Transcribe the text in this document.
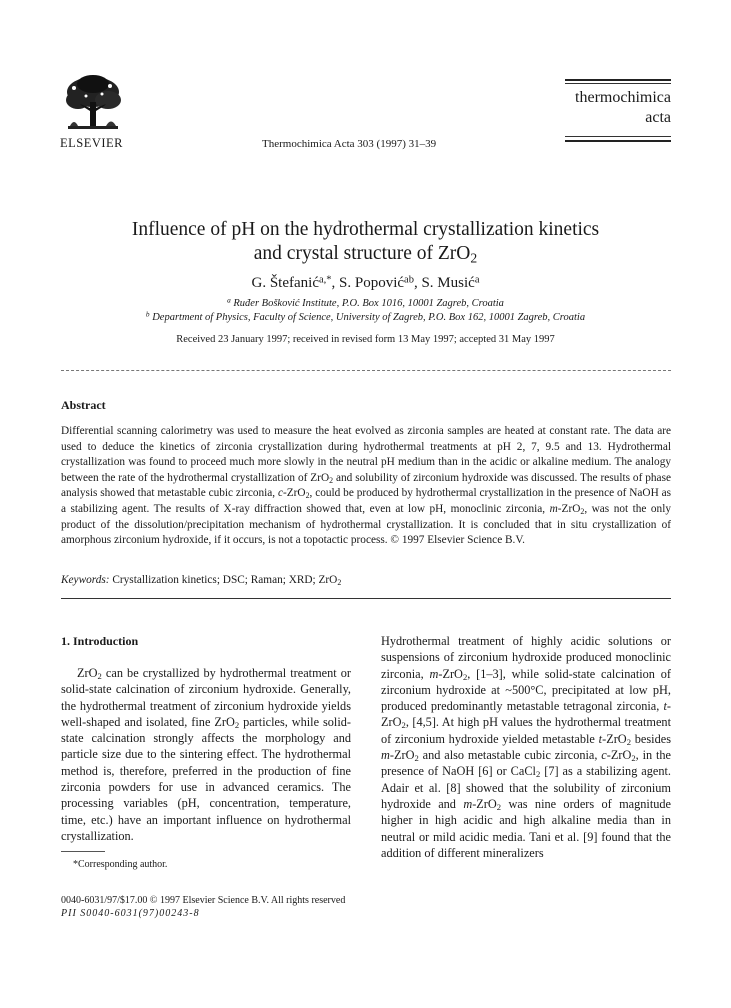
ELSEVIER	Thermochimica Acta 303 (1997) 31–39
thermochimica
acta
Influence of pH on the hydrothermal crystallization kinetics
and crystal structure of ZrO$_2$
G. Štefanić$^{a,*}$, S. Popović$^{ab}$, S. Musić$^a$
$^a$ Ruđer Bošković Institute, P.O. Box 1016, 10001 Zagreb, Croatia
$^b$ Department of Physics, Faculty of Science, University of Zagreb, P.O. Box 162, 10001 Zagreb, Croatia
Received 23 January 1997; received in revised form 13 May 1997; accepted 31 May 1997
Abstract
Differential scanning calorimetry was used to measure the heat evolved as zirconia samples are heated at constant rate. The data are used to deduce the kinetics of zirconia crystallization during hydrothermal treatments at pH 2, 7, 9.5 and 13. Hydrothermal crystallization was found to proceed much more slowly in the neutral pH medium than in the acidic or alkaline medium. The analogy between the rate of the hydrothermal crystallization of ZrO$_2$ and solubility of zirconium hydroxide was discussed. The results of phase analysis showed that metastable cubic zirconia, c-ZrO$_2$, could be produced by hydrothermal crystallization in the presence of NaOH as a stabilizing agent. The results of X-ray diffraction showed that, even at low pH, monoclinic zirconia, m-ZrO$_2$, was not the only product of the dissolution/precipitation mechanism of hydrothermal crystallization. It is concluded that in situ crystallization of amorphous zirconium hydroxide, if it occurs, is not a topotactic process. © 1997 Elsevier Science B.V.
Keywords: Crystallization kinetics; DSC; Raman; XRD; ZrO$_2$
1. Introduction

ZrO$_2$ can be crystallized by hydrothermal treatment or solid-state calcination of zirconium hydroxide. Generally, the hydrothermal treatment of zirconium hydroxide yields well-shaped and isolated, fine ZrO$_2$ particles, while solid-state calcination strongly affects the morphology and particle size due to the sintering effect. The hydrothermal method is, therefore, preferred in the production of fine zirconia powders for use in advanced ceramics. The processing variables (pH, concentration, temperature, time, etc.) have an important influence on hydrothermal crystallization.

*Corresponding author.
0040-6031/97/$17.00 © 1997 Elsevier Science B.V. All rights reserved
PII S0040-6031(97)00243-8

Hydrothermal treatment of highly acidic solutions or suspensions of zirconium hydroxide produced monoclinic zirconia, m-ZrO$_2$, [1–3], while solid-state calcination of zirconium hydroxide at ~500°C, precipitated at low pH, produced predominantly metastable tetragonal zirconia, t-ZrO$_2$, [4,5]. At high pH values the hydrothermal treatment of zirconium hydroxide yielded metastable t-ZrO$_2$ besides m-ZrO$_2$ and also metastable cubic zirconia, c-ZrO$_2$, in the presence of NaOH [6] or CaCl$_2$ [7] as a stabilizing agent. Adair et al. [8] showed that the solubility of zirconium hydroxide and m-ZrO$_2$ was nine orders of magnitude higher in high acidic and high alkaline media than in neutral or mild acidic media. Tani et al. [9] found that the addition of different mineralizers
